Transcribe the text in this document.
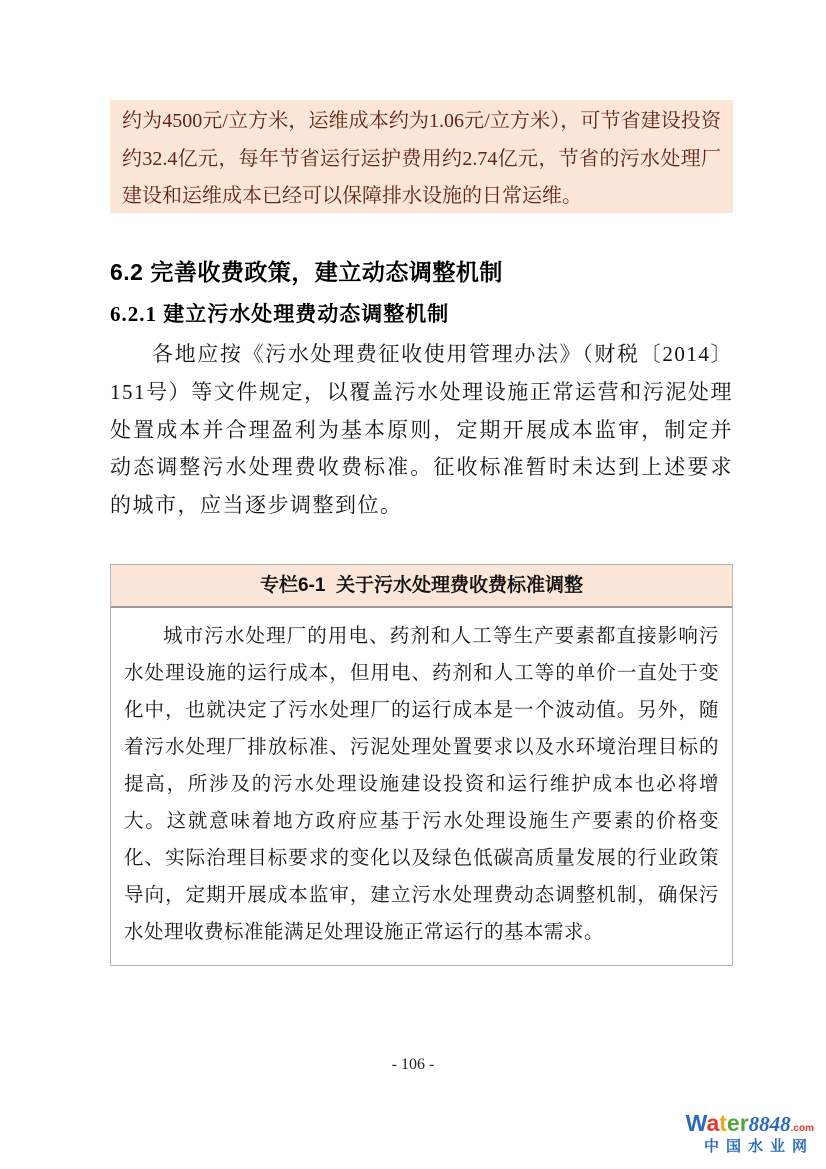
约为4500元/立方米，运维成本约为1.06元/立方米），可节省建设投资约32.4亿元，每年节省运行运护费用约2.74亿元，节省的污水处理厂建设和运维成本已经可以保障排水设施的日常运维。
6.2 完善收费政策，建立动态调整机制
6.2.1 建立污水处理费动态调整机制

各地应按《污水处理费征收使用管理办法》（财税〔2014〕151号）等文件规定，以覆盖污水处理设施正常运营和污泥处理处置成本并合理盈利为基本原则，定期开展成本监审，制定并动态调整污水处理费收费标准。征收标准暂时未达到上述要求的城市，应当逐步调整到位。

专栏6-1  关于污水处理费收费标准调整
城市污水处理厂的用电、药剂和人工等生产要素都直接影响污水处理设施的运行成本，但用电、药剂和人工等的单价一直处于变化中，也就决定了污水处理厂的运行成本是一个波动值。另外，随着污水处理厂排放标准、污泥处理处置要求以及水环境治理目标的提高，所涉及的污水处理设施建设投资和运行维护成本也必将增大。这就意味着地方政府应基于污水处理设施生产要素的价格变化、实际治理目标要求的变化以及绿色低碳高质量发展的行业政策导向，定期开展成本监审，建立污水处理费动态调整机制，确保污水处理收费标准能满足处理设施正常运行的基本需求。
- 106 -
Water8848.com
中国水业网
